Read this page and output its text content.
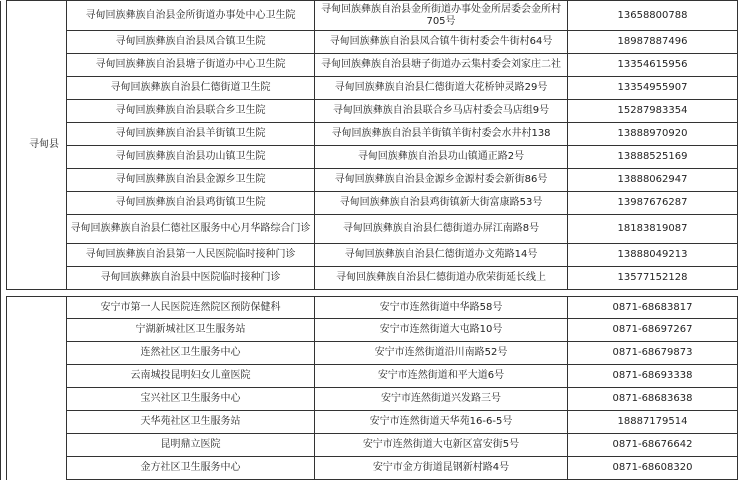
	寻甸县	寻甸回族彝族自治县金所街道办事处中心卫生院	寻甸回族彝族自治县金所街道办事处金所居委会金所村705号	13658800788
		寻甸回族彝族自治县凤合镇卫生院	寻甸回族彝族自治县凤合镇牛街村委会牛街村64号	18987887496
		寻甸回族彝族自治县塘子街道办中心卫生院	寻甸回族彝族自治县塘子街道办云集村委会刘家庄二社	13354615956
		寻甸回族彝族自治县仁德街道卫生院	寻甸回族彝族自治县仁德街道大花桥钟灵路29号	13354955907
		寻甸回族彝族自治县联合乡卫生院	寻甸回族彝族自治县联合乡马店村委会马店组9号	15287983354
		寻甸回族彝族自治县羊街镇卫生院	寻甸回族彝族自治县羊街镇羊街村委会水井村138	13888970920
		寻甸回族彝族自治县功山镇卫生院	寻甸回族彝族自治县功山镇通正路2号	13888525169
		寻甸回族彝族自治县金源乡卫生院	寻甸回族彝族自治县金源乡金源村委会新街86号	13888062947
		寻甸回族彝族自治县鸡街镇卫生院	寻甸回族彝族自治县鸡街镇新大街富康路53号	13987676287
		寻甸回族彝族自治县仁德社区服务中心月华路综合门诊	寻甸回族彝族自治县仁德街道办屏江南路8号	18183819087
		寻甸回族彝族自治县第一人民医院临时接种门诊	寻甸回族彝族自治县仁德街道办文苑路14号	13888049213
		寻甸回族彝族自治县中医院临时接种门诊	寻甸回族彝族自治县仁德街道办欣荣街延长线上	13577152128

		安宁市第一人民医院连然院区预防保健科	安宁市连然街道中华路58号	0871-68683817
		宁湖新城社区卫生服务站	安宁市连然街道大屯路10号	0871-68697267
		连然社区卫生服务中心	安宁市连然街道沿川南路52号	0871-68679873
		云南城投昆明妇女儿童医院	安宁市连然街道和平大道6号	0871-68693338
		宝兴社区卫生服务中心	安宁市连然街道兴发路三号	0871-68683638
		天华苑社区卫生服务站	安宁市连然街道天华苑16-6-5号	18887179514
		昆明鼎立医院	安宁市连然街道大屯新区富安街5号	0871-68676642
		金方社区卫生服务中心	安宁市金方街道昆钢新村路4号	0871-68608320
